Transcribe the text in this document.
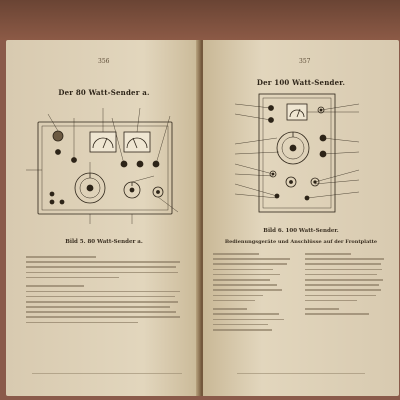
356
Der 80 Watt-Sender a.
Bild 5. 80 Watt-Sender a.
357
Der 100 Watt-Sender.
Bild 6. 100 Watt-Sender.
Bedienungsgeräte und Anschlüsse auf der Frontplatte
